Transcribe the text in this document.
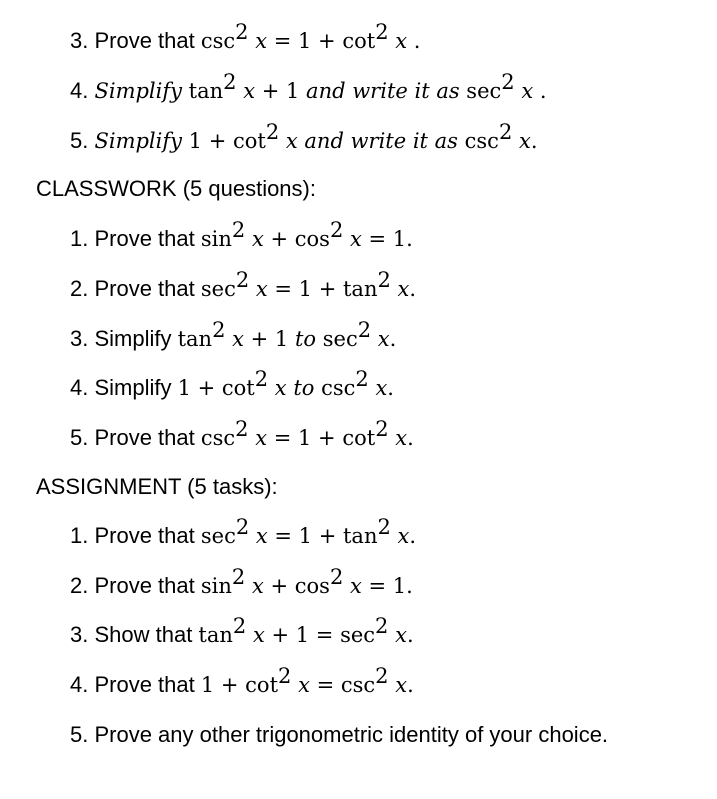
3. Prove that $\csc^2 x = 1 + \cot^2 x$ .
4. Simplify $\tan^2 x + 1$ and write it as $\sec^2 x$ .
5. Simplify $1 + \cot^2 x$ and write it as $\csc^2 x$.
CLASSWORK (5 questions):
1. Prove that $\sin^2 x + \cos^2 x = 1$.
2. Prove that $\sec^2 x = 1 + \tan^2 x$.
3. Simplify $\tan^2 x + 1$ to $\sec^2 x$.
4. Simplify $1 + \cot^2 x$ to $\csc^2 x$.
5. Prove that $\csc^2 x = 1 + \cot^2 x$.
ASSIGNMENT (5 tasks):
1. Prove that $\sec^2 x = 1 + \tan^2 x$.
2. Prove that $\sin^2 x + \cos^2 x = 1$.
3. Show that $\tan^2 x + 1 = \sec^2 x$.
4. Prove that $1 + \cot^2 x = \csc^2 x$.
5. Prove any other trigonometric identity of your choice.
